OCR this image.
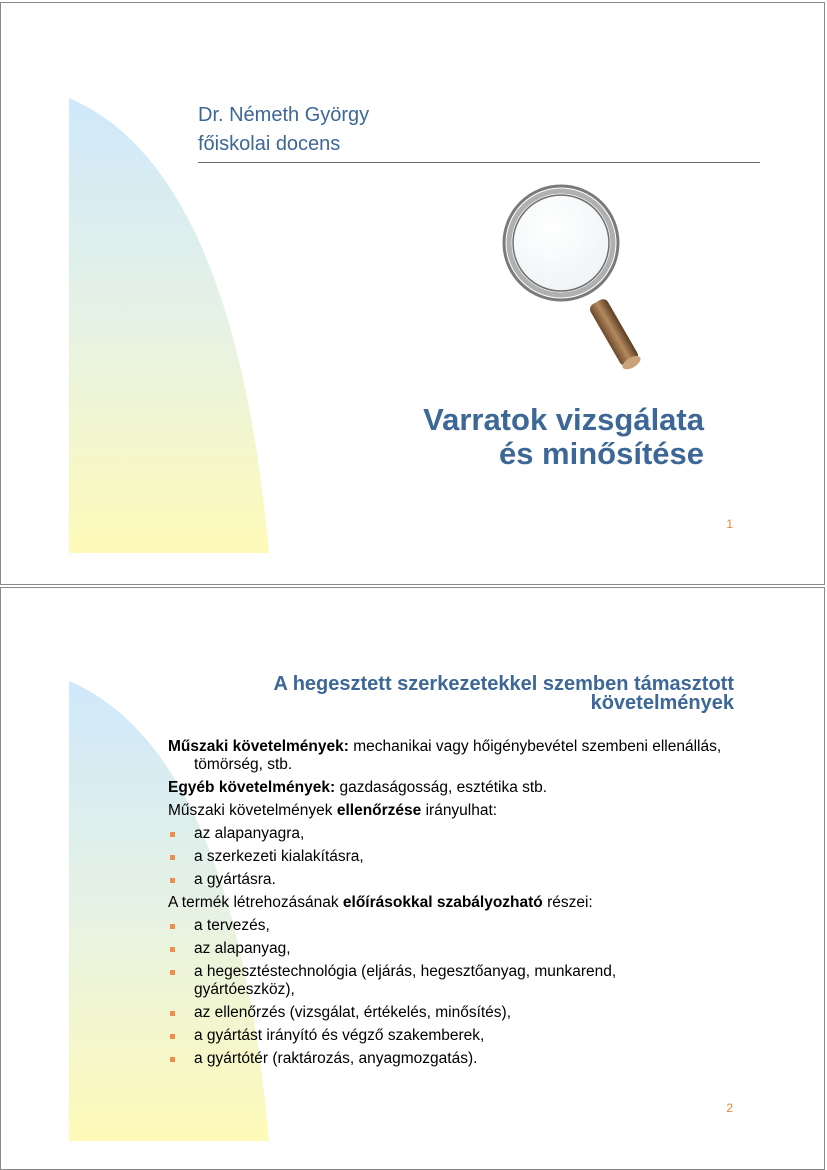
Dr. Németh György
főiskolai docens
Varratok vizsgálata
és minősítése
1
A hegesztett szerkezetekkel szemben támasztott
követelmények
Műszaki követelmények: mechanikai vagy hőigénybevétel szembeni ellenállás, tömörség, stb.
Egyéb követelmények: gazdaságosság, esztétika stb.
Műszaki követelmények ellenőrzése irányulhat:
az alapanyagra,
a szerkezeti kialakításra,
a gyártásra.
A termék létrehozásának előírásokkal szabályozható részei:
a tervezés,
az alapanyag,
a hegesztéstechnológia (eljárás, hegesztőanyag, munkarend, gyártóeszköz),
az ellenőrzés (vizsgálat, értékelés, minősítés),
a gyártást irányító és végző szakemberek,
a gyártótér (raktározás, anyagmozgatás).
2
